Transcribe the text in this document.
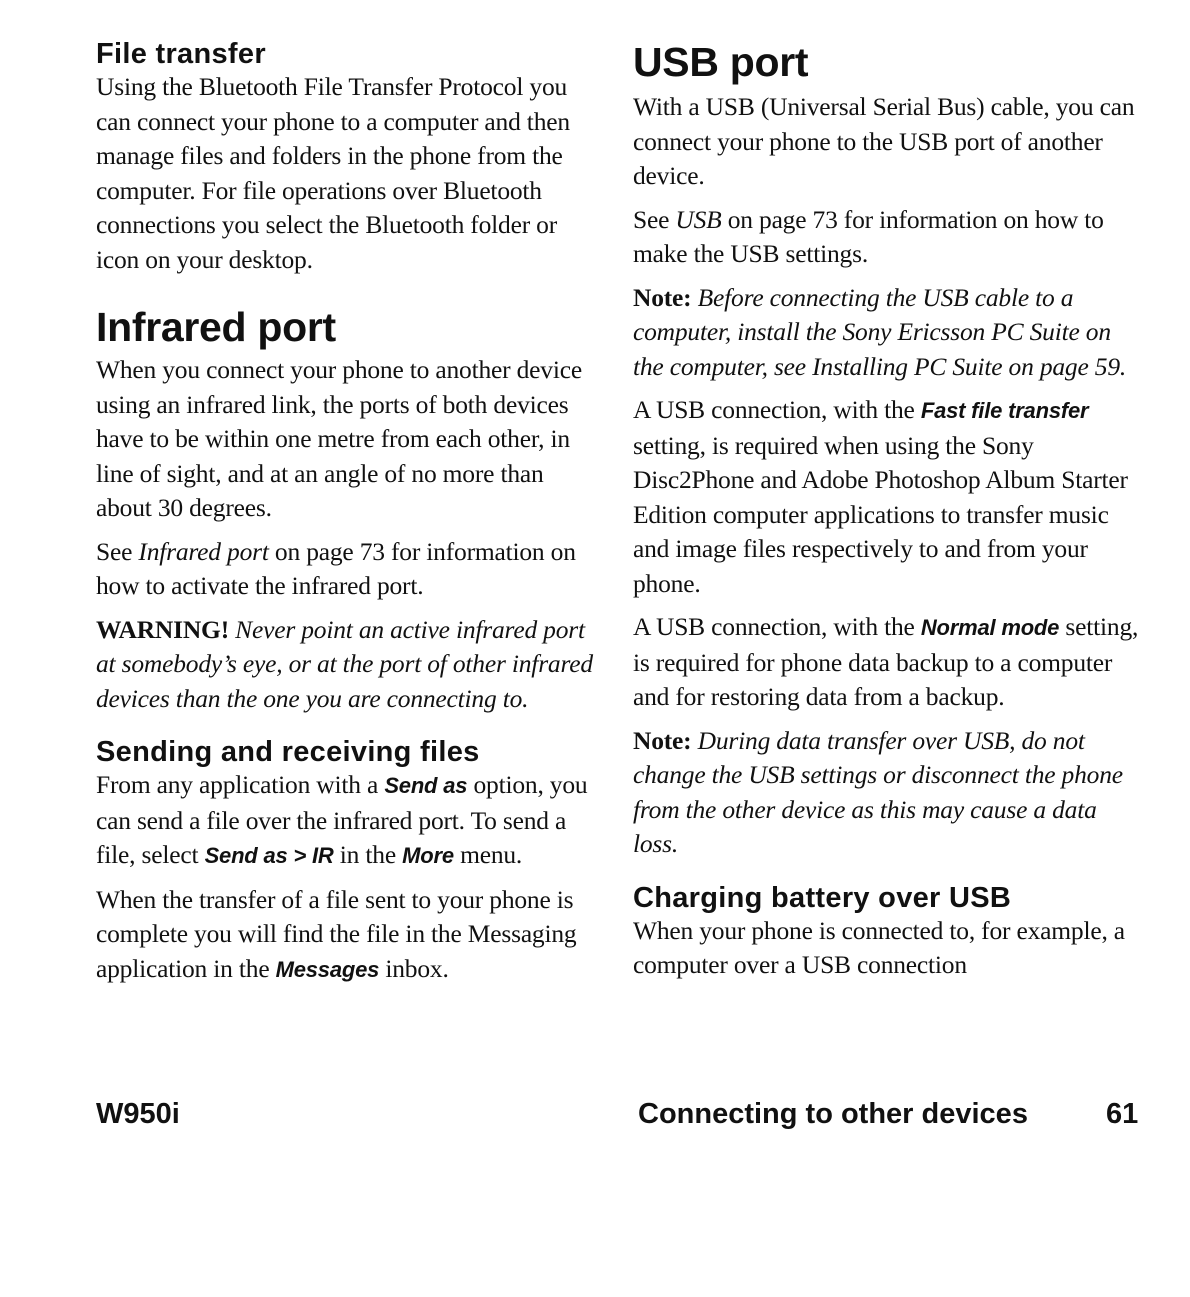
File transfer

Using the Bluetooth File Transfer Protocol you can connect your phone to a computer and then manage files and folders in the phone from the computer. For file operations over Bluetooth connections you select the Bluetooth folder or icon on your desktop.

Infrared port

When you connect your phone to another device using an infrared link, the ports of both devices have to be within one metre from each other, in line of sight, and at an angle of no more than about 30 degrees.

See Infrared port on page 73 for information on how to activate the infrared port.

WARNING! Never point an active infrared port at somebody’s eye, or at the port of other infrared devices than the one you are connecting to.

Sending and receiving files

From any application with a Send as option, you can send a file over the infrared port. To send a file, select Send as > IR in the More menu.

When the transfer of a file sent to your phone is complete you will find the file in the Messaging application in the Messages inbox.

USB port

With a USB (Universal Serial Bus) cable, you can connect your phone to the USB port of another device.

See USB on page 73 for information on how to make the USB settings.

Note: Before connecting the USB cable to a computer, install the Sony Ericsson PC Suite on the computer, see Installing PC Suite on page 59.

A USB connection, with the Fast file transfer setting, is required when using the Sony Disc2Phone and Adobe Photoshop Album Starter Edition computer applications to transfer music and image files respectively to and from your phone.

A USB connection, with the Normal mode setting, is required for phone data backup to a computer and for restoring data from a backup.

Note: During data transfer over USB, do not change the USB settings or disconnect the phone from the other device as this may cause a data loss.

Charging battery over USB

When your phone is connected to, for example, a computer over a USB connection

W950i	Connecting to other devices	61
